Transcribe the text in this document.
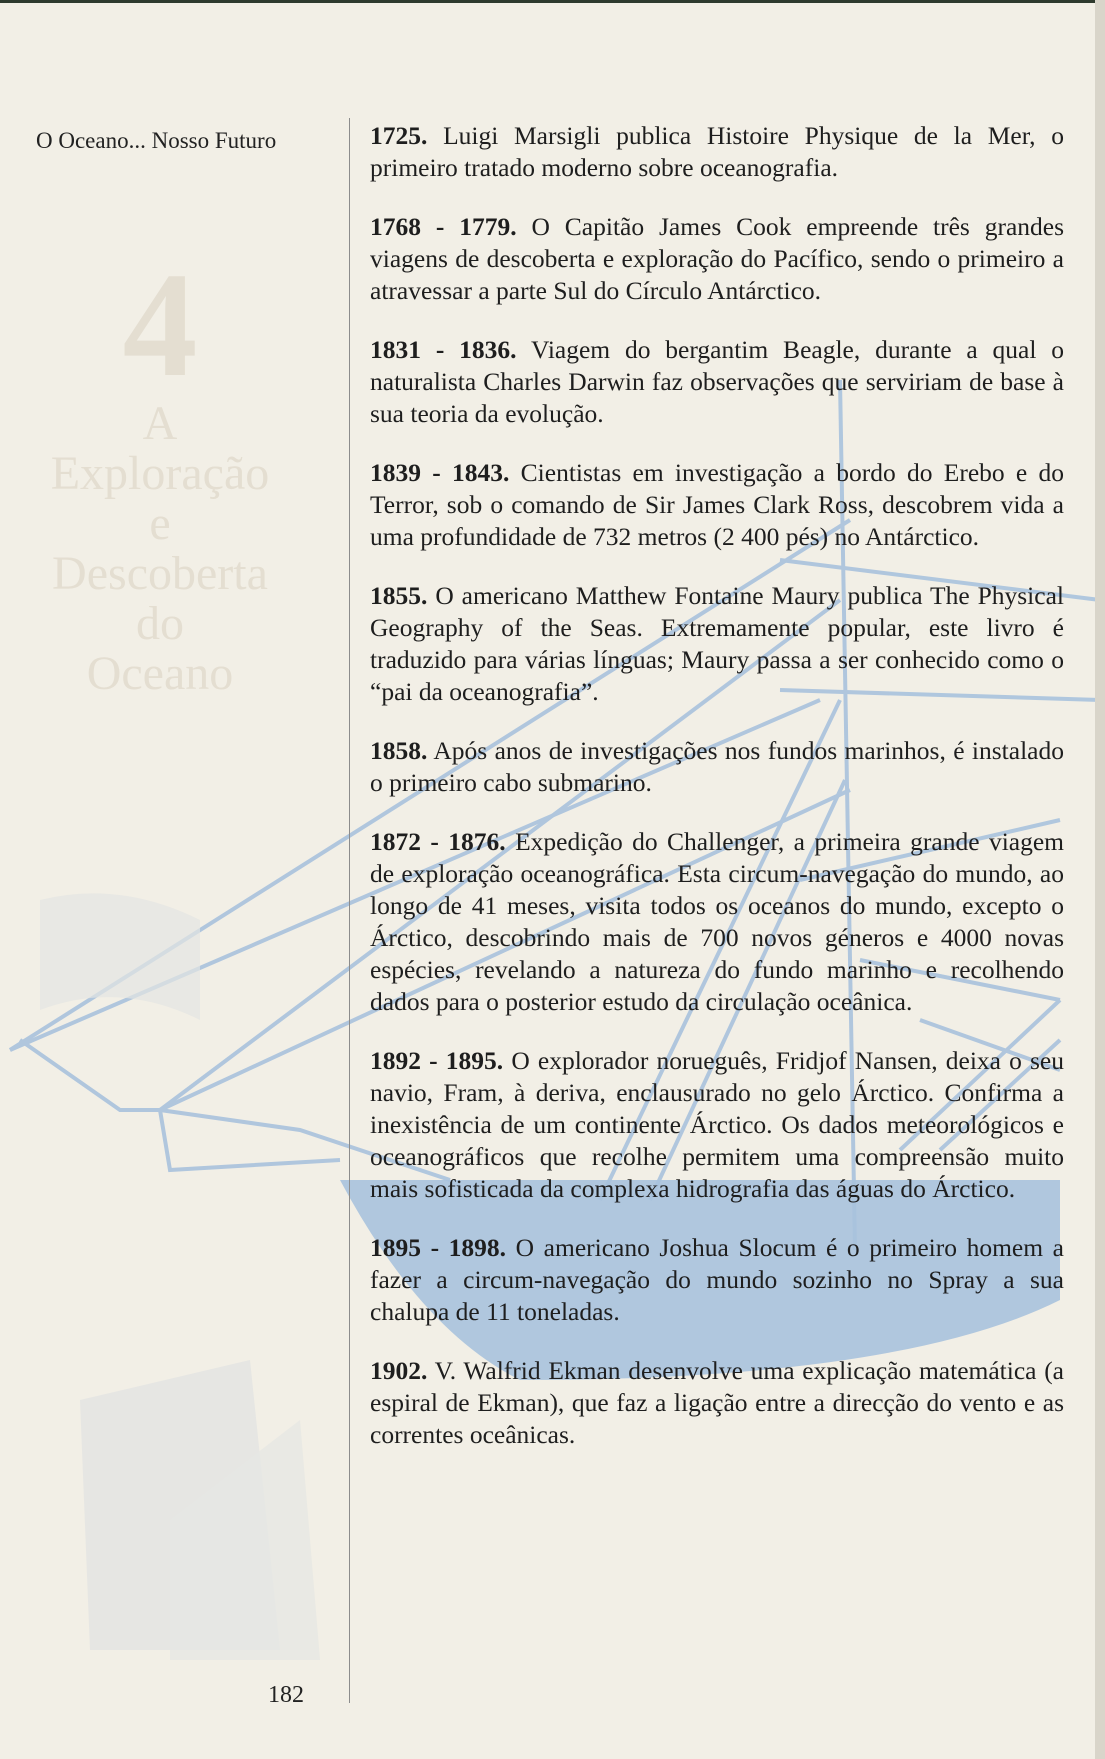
4
A
Exploração
e
Descoberta
do
Oceano
O Oceano... Nosso Futuro
182

1725. Luigi Marsigli publica Histoire Physique de la Mer, o primeiro tratado moderno sobre oceanografia.

1768 - 1779. O Capitão James Cook empreende três grandes viagens de descoberta e exploração do Pacífico, sendo o primeiro a atravessar a parte Sul do Círculo Antárctico.

1831 - 1836. Viagem do bergantim Beagle, durante a qual o naturalista Charles Darwin faz observações que serviriam de base à sua teoria da evolução.

1839 - 1843. Cientistas em investigação a bordo do Erebo e do Terror, sob o comando de Sir James Clark Ross, descobrem vida a uma profundidade de 732 metros (2 400 pés) no Antárctico.

1855. O americano Matthew Fontaine Maury publica The Physical Geography of the Seas. Extremamente popular, este livro é traduzido para várias línguas; Maury passa a ser conhecido como o “pai da oceanografia”.

1858. Após anos de investigações nos fundos marinhos, é instalado o primeiro cabo submarino.

1872 - 1876. Expedição do Challenger, a primeira grande viagem de exploração oceanográfica. Esta circum-navegação do mundo, ao longo de 41 meses, visita todos os oceanos do mundo, excepto o Árctico, descobrindo mais de 700 novos géneros e 4000 novas espécies, revelando a natureza do fundo marinho e recolhendo dados para o posterior estudo da circulação oceânica.

1892 - 1895. O explorador norueguês, Fridjof Nansen, deixa o seu navio, Fram, à deriva, enclausurado no gelo Árctico. Confirma a inexistência de um continente Árctico. Os dados meteorológicos e oceanográficos que recolhe permitem uma compreensão muito mais sofisticada da complexa hidrografia das águas do Árctico.

1895 - 1898. O americano Joshua Slocum é o primeiro homem a fazer a circum-navegação do mundo sozinho no Spray a sua chalupa de 11 toneladas.

1902. V. Walfrid Ekman desenvolve uma explicação matemática (a espiral de Ekman), que faz a ligação entre a direcção do vento e as correntes oceânicas.
